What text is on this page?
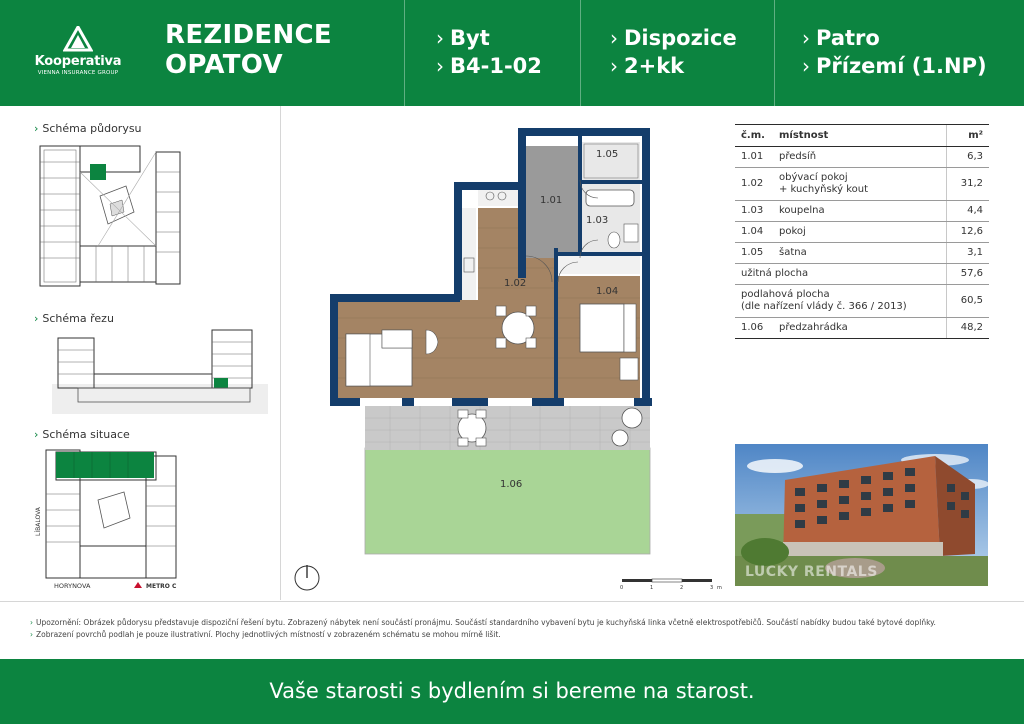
Kooperativa
VIENNA INSURANCE GROUP
REZIDENCE
OPATOV
› Byt
› B4-1-02
› Dispozice
› 2+kk
› Patro
› Přízemí (1.NP)
› Schéma půdorysu
› Schéma řezu
› Schéma situace
LÍBALOVA
HORYNOVA	METRO C
1.01
1.02
1.03
1.04
1.05
1.06
č.m.	místnost	m²
1.01	předsíň	6,3
1.02	obývací pokoj
+ kuchyňský kout	31,2
1.03	koupelna	4,4
1.04	pokoj	12,6
1.05	šatna	3,1
užitná plocha		57,6

podlahová plocha
(dle nařízení vlády č. 366 / 2013)		60,5
1.06	předzahrádka	48,2
LUCKY RENTALS
0	1	2	3 m
› Upozornění: Obrázek půdorysu představuje dispoziční řešení bytu. Zobrazený nábytek není součástí pronájmu. Součástí standardního vybavení bytu je kuchyňská linka včetně elektrospotřebičů. Součástí nabídky budou také bytové doplňky.
› Zobrazení povrchů podlah je pouze ilustrativní. Plochy jednotlivých místností v zobrazeném schématu se mohou mírně lišit.
Vaše starosti s bydlením si bereme na starost.
